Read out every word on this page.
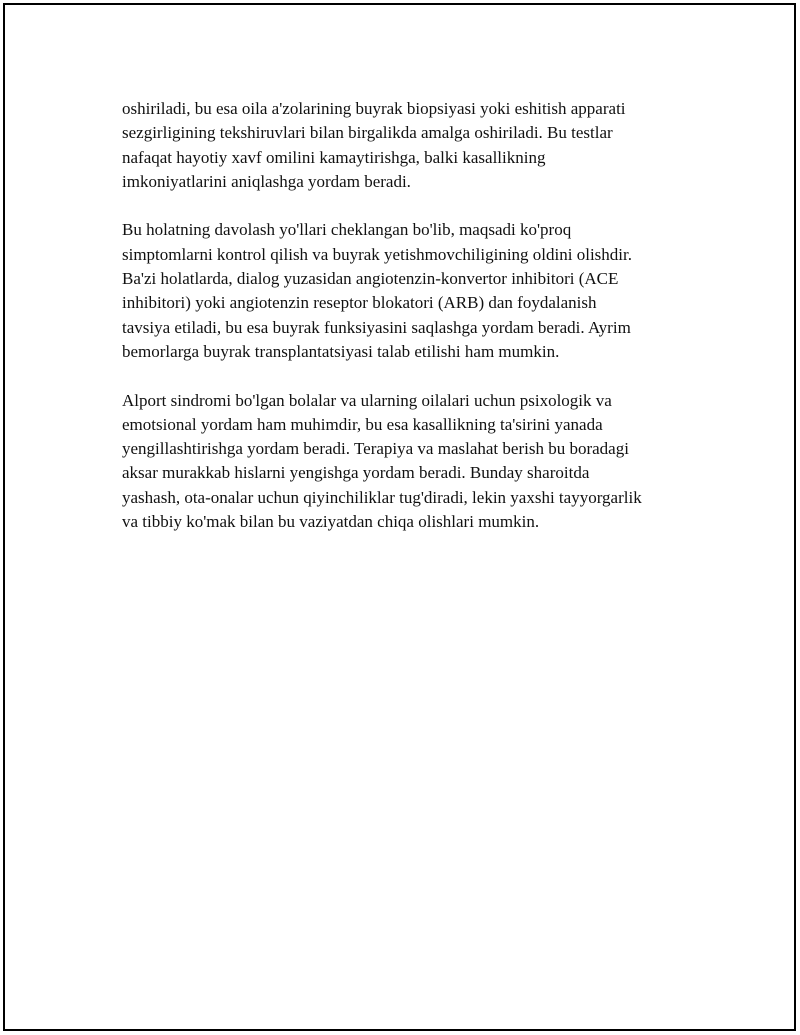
oshiriladi, bu esa oila a'zolarining buyrak biopsiyasi yoki eshitish apparati
sezgirligining tekshiruvlari bilan birgalikda amalga oshiriladi. Bu testlar
nafaqat hayotiy xavf omilini kamaytirishga, balki kasallikning
imkoniyatlarini aniqlashga yordam beradi.

Bu holatning davolash yo'llari cheklangan bo'lib, maqsadi ko'proq
simptomlarni kontrol qilish va buyrak yetishmovchiligining oldini olishdir.
Ba'zi holatlarda, dialog yuzasidan angiotenzin-konvertor inhibitori (ACE
inhibitori) yoki angiotenzin reseptor blokatori (ARB) dan foydalanish
tavsiya etiladi, bu esa buyrak funksiyasini saqlashga yordam beradi. Ayrim
bemorlarga buyrak transplantatsiyasi talab etilishi ham mumkin.

Alport sindromi bo'lgan bolalar va ularning oilalari uchun psixologik va
emotsional yordam ham muhimdir, bu esa kasallikning ta'sirini yanada
yengillashtirishga yordam beradi. Terapiya va maslahat berish bu boradagi
aksar murakkab hislarni yengishga yordam beradi. Bunday sharoitda
yashash, ota-onalar uchun qiyinchiliklar tug'diradi, lekin yaxshi tayyorgarlik
va tibbiy ko'mak bilan bu vaziyatdan chiqa olishlari mumkin.
